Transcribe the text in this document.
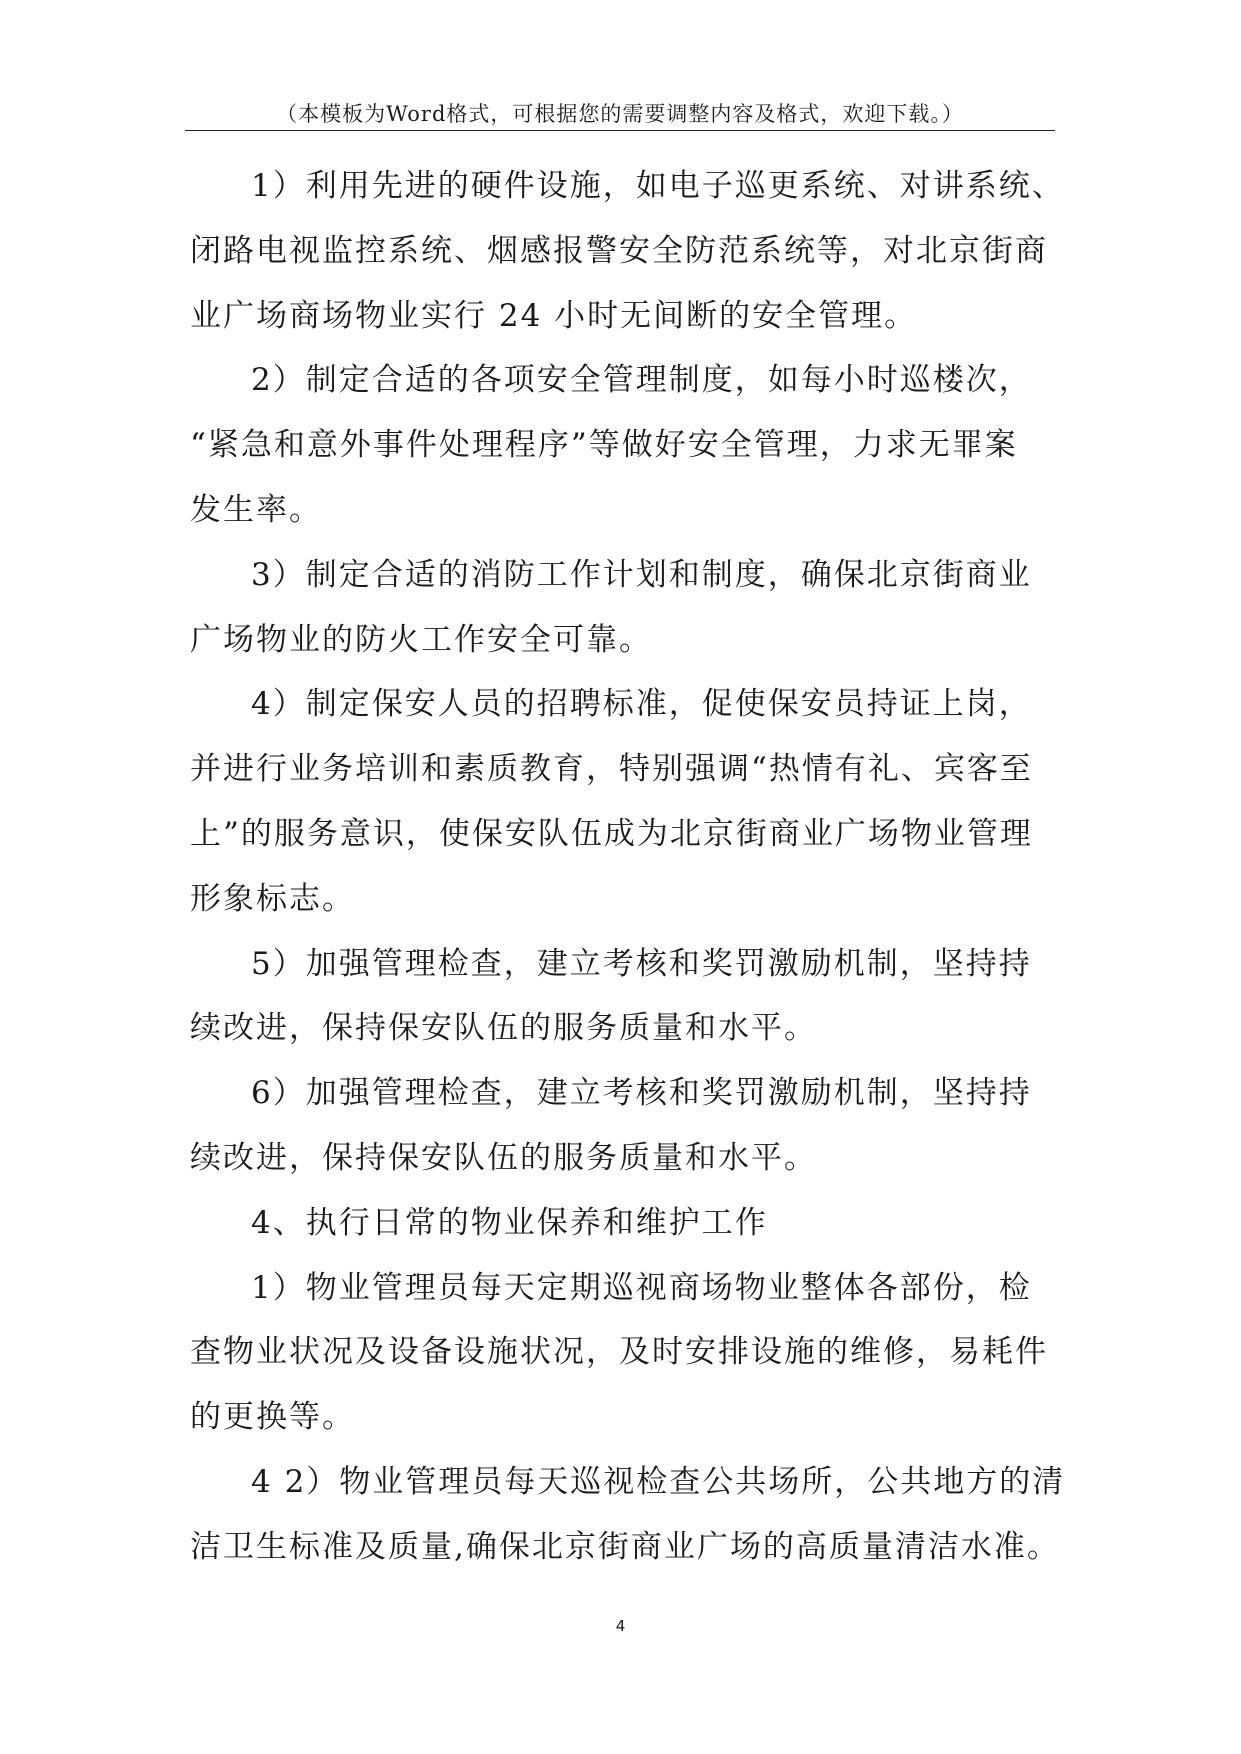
（本模板为Word格式，可根据您的需要调整内容及格式，欢迎下载。）
1）利用先进的硬件设施，如电子巡更系统、对讲系统、
闭路电视监控系统、烟感报警安全防范系统等，对北京街商
业广场商场物业实行 24 小时无间断的安全管理。
2）制定合适的各项安全管理制度，如每小时巡楼次，
“紧急和意外事件处理程序”等做好安全管理，力求无罪案
发生率。
3）制定合适的消防工作计划和制度，确保北京街商业
广场物业的防火工作安全可靠。
4）制定保安人员的招聘标准，促使保安员持证上岗，
并进行业务培训和素质教育，特别强调“热情有礼、宾客至
上”的服务意识，使保安队伍成为北京街商业广场物业管理
形象标志。
5）加强管理检查，建立考核和奖罚激励机制，坚持持
续改进，保持保安队伍的服务质量和水平。
6）加强管理检查，建立考核和奖罚激励机制，坚持持
续改进，保持保安队伍的服务质量和水平。
4、执行日常的物业保养和维护工作
1）物业管理员每天定期巡视商场物业整体各部份，检
查物业状况及设备设施状况，及时安排设施的维修，易耗件
的更换等。
4 2）物业管理员每天巡视检查公共场所，公共地方的清
洁卫生标准及质量,确保北京街商业广场的高质量清洁水准。
4
